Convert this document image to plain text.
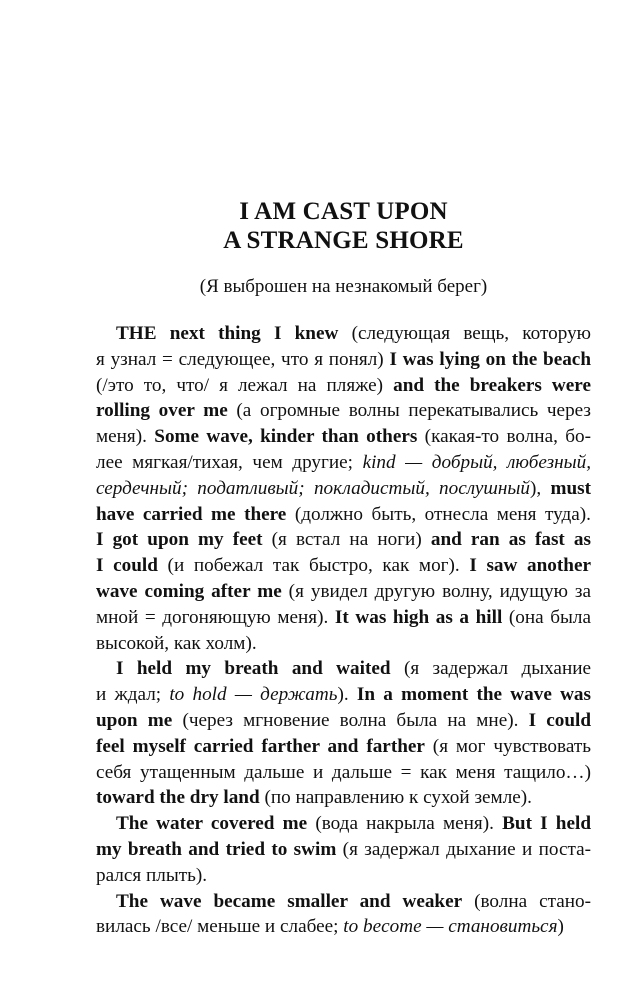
I AM CAST UPON
A STRANGE SHORE

(Я выброшен на незнакомый берег)

THE next thing I knew (следующая вещь, которую
я узнал = следующее, что я понял) I was lying on the beach
(/это то, что/ я лежал на пляже) and the breakers were
rolling over me (а огромные волны перекатывались через
меня). Some wave, kinder than others (какая-то волна, бо-
лее мягкая/тихая, чем другие; kind — добрый, любезный,
сердечный; податливый; покладистый, послушный), must
have carried me there (должно быть, отнесла меня туда).
I got upon my feet (я встал на ноги) and ran as fast as
I could (и побежал так быстро, как мог). I saw another
wave coming after me (я увидел другую волну, идущую за
мной = догоняющую меня). It was high as a hill (она была
высокой, как холм).
I held my breath and waited (я задержал дыхание
и ждал; to hold — держать). In a moment the wave was
upon me (через мгновение волна была на мне). I could
feel myself carried farther and farther (я мог чувствовать
себя утащенным дальше и дальше = как меня тащило…)
toward the dry land (по направлению к сухой земле).
The water covered me (вода накрыла меня). But I held
my breath and tried to swim (я задержал дыхание и поста-
рался плыть).
The wave became smaller and weaker (волна станo-
вилась /все/ меньше и слабее; to become — становиться)
